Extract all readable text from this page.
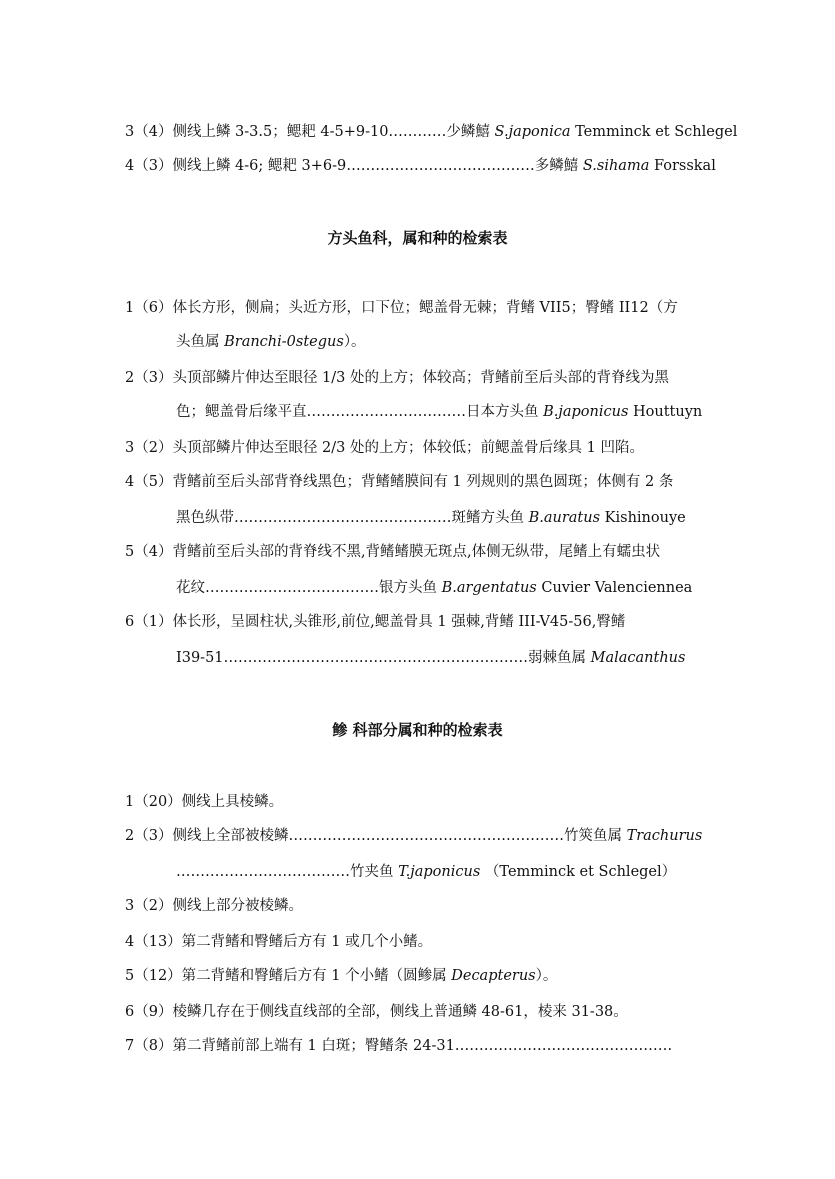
3（4）侧线上鳞 3-3.5；鳃耙 4-5+9-10…………少鳞鱚 S.japonica Temminck et Schlegel
4（3）侧线上鳞 4-6; 鳃耙 3+6-9…………………………………多鳞鱚 S.sihama Forsskal
方头鱼科，属和种的检索表
1（6）体长方形，侧扁；头近方形，口下位；鳃盖骨无棘；背鳍 VII5；臀鳍 II12（方
头鱼属 Branchi-0stegus）。
2（3）头顶部鳞片伸达至眼径 1/3 处的上方；体较高；背鳍前至后头部的背脊线为黑
色；鳃盖骨后缘平直……………………………日本方头鱼 B.japonicus Houttuyn
3（2）头顶部鳞片伸达至眼径 2/3 处的上方；体较低；前鳃盖骨后缘具 1 凹陷。
4（5）背鳍前至后头部背脊线黑色；背鳍鳍膜间有 1 列规则的黑色圆斑；体侧有 2 条
黑色纵带………………………………………斑鳍方头鱼 B.auratus Kishinouye
5（4）背鳍前至后头部的背脊线不黑,背鳍鳍膜无斑点,体侧无纵带，尾鳍上有蠕虫状
花纹………………………………银方头鱼 B.argentatus Cuvier Valenciennea
6（1）体长形，呈圆柱状,头锥形,前位,鳃盖骨具 1 强棘,背鳍 III-V45-56,臀鳍
I39-51………………………………………………………弱棘鱼属 Malacanthus
鲹 科部分属和种的检索表
1（20）侧线上具棱鳞。
2（3）侧线上全部被棱鳞…………………………………………………竹筴鱼属 Trachurus
………………………………竹夹鱼 T.japonicus （Temminck et Schlegel）
3（2）侧线上部分被棱鳞。
4（13）第二背鳍和臀鳍后方有 1 或几个小鳍。
5（12）第二背鳍和臀鳍后方有 1 个小鳍（圆鲹属 Decapterus）。
6（9）棱鳞几存在于侧线直线部的全部，侧线上普通鳞 48-61，棱来 31-38。
7（8）第二背鳍前部上端有 1 白斑；臀鳍条 24-31………………………………………
